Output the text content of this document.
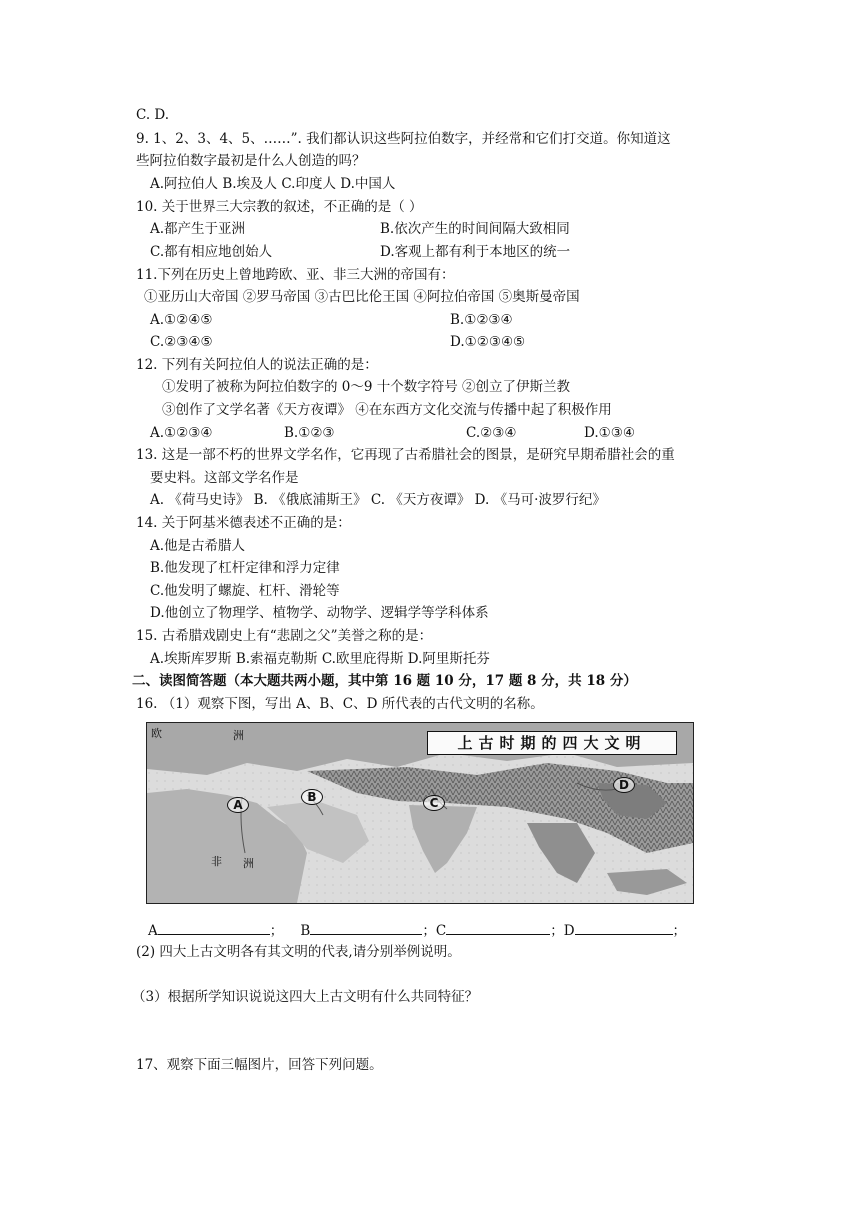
C. D.
9. 1、2、3、4、5、……”. 我们都认识这些阿拉伯数字，并经常和它们打交道。你知道这
些阿拉伯数字最初是什么人创造的吗？
A.阿拉伯人 B.埃及人 C.印度人 D.中国人
10. 关于世界三大宗教的叙述，不正确的是（ ）
A.都产生于亚洲	B.依次产生的时间间隔大致相同
C.都有相应地创始人	D.客观上都有利于本地区的统一
11.下列在历史上曾地跨欧、亚、非三大洲的帝国有：
①亚历山大帝国 ②罗马帝国 ③古巴比伦王国 ④阿拉伯帝国 ⑤奥斯曼帝国
A.①②④⑤	B.①②③④
C.②③④⑤	D.①②③④⑤
12. 下列有关阿拉伯人的说法正确的是：
①发明了被称为阿拉伯数字的 0～9 十个数字符号 ②创立了伊斯兰教
③创作了文学名著《天方夜谭》 ④在东西方文化交流与传播中起了积极作用
A.①②③④	B.①②③	C.②③④	D.①③④
13. 这是一部不朽的世界文学名作，它再现了古希腊社会的图景，是研究早期希腊社会的重
要史料。这部文学名作是
A. 《荷马史诗》 B. 《俄底浦斯王》 C. 《天方夜谭》 D. 《马可·波罗行纪》
14. 关于阿基米德表述不正确的是：
A.他是古希腊人
B.他发现了杠杆定律和浮力定律
C.他发明了螺旋、杠杆、滑轮等
D.他创立了物理学、植物学、动物学、逻辑学等学科体系
15. 古希腊戏剧史上有“悲剧之父”美誉之称的是：
A.埃斯库罗斯 B.索福克勒斯 C.欧里庇得斯 D.阿里斯托芬
二、读图简答题（本大题共两小题，其中第 16 题 10 分，17 题 8 分，共 18 分）
16. （1）观察下图，写出 A、B、C、D 所代表的古代文明的名称。
上古时期的四大文明
A
B	C
D
欧	洲
非 洲
A	； B	；C	；D	；
(2) 四大上古文明各有其文明的代表,请分别举例说明。
（3）根据所学知识说说这四大上古文明有什么共同特征？
17、观察下面三幅图片，回答下列问题。
